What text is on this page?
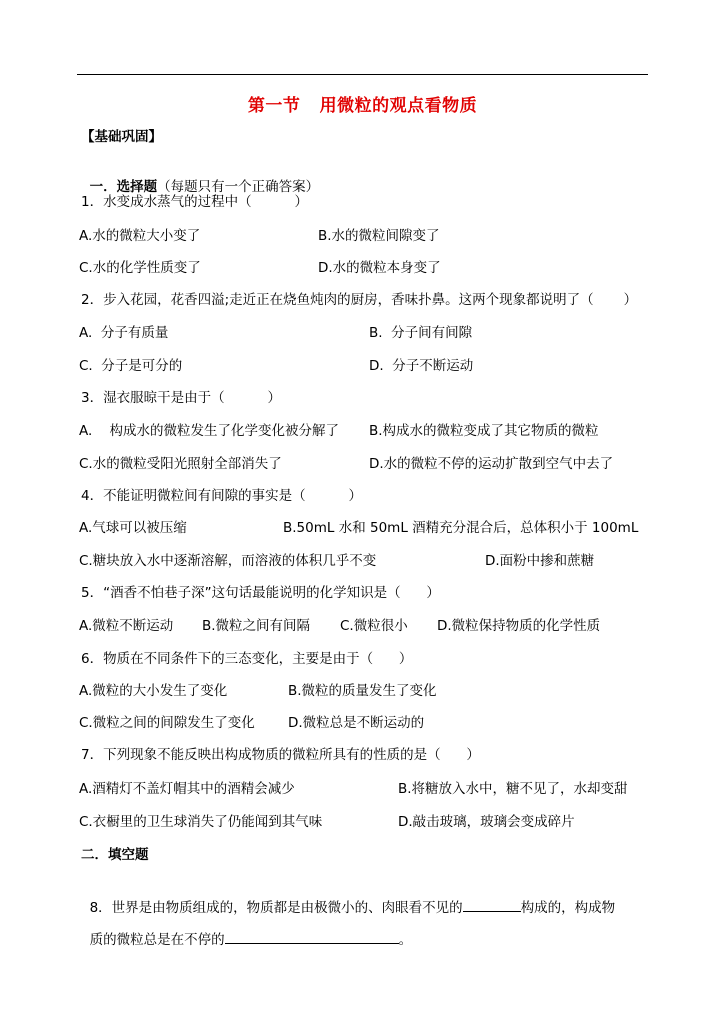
第一节   用微粒的观点看物质
【基础巩固】

一．选择题（每题只有一个正确答案）

1．水变成水蒸气的过程中（          ）
A.水的微粒大小变了	B.水的微粒间隙变了
C.水的化学性质变了	D.水的微粒本身变了
2．步入花园，花香四溢;走近正在烧鱼炖肉的厨房，香味扑鼻。这两个现象都说明了（       ）
A.  分子有质量	B.  分子间有间隙
C.  分子是可分的	D.  分子不断运动
3．湿衣服晾干是由于（          ）
A.    构成水的微粒发生了化学变化被分解了 B.构成水的微粒变成了其它物质的微粒
C.水的微粒受阳光照射全部消失了	D.水的微粒不停的运动扩散到空气中去了
4．不能证明微粒间有间隙的事实是（          ）
A.气球可以被压缩	B.50mL 水和 50mL 酒精充分混合后，总体积小于 100mL
C.糖块放入水中逐渐溶解，而溶液的体积几乎不变	D.面粉中掺和蔗糖
5．“酒香不怕巷子深”这句话最能说明的化学知识是（      ）
A.微粒不断运动 B.微粒之间有间隔 C.微粒很小 D.微粒保持物质的化学性质
6．物质在不同条件下的三态变化，主要是由于（      ）
A.微粒的大小发生了变化	B.微粒的质量发生了变化
C.微粒之间的间隙发生了变化 D.微粒总是不断运动的
7．下列现象不能反映出构成物质的微粒所具有的性质的是（      ）
A.酒精灯不盖灯帽其中的酒精会减少	B.将糖放入水中，糖不见了，水却变甜
C.衣橱里的卫生球消失了仍能闻到其气味	D.敲击玻璃，玻璃会变成碎片
二．填空题

8．世界是由物质组成的，物质都是由极微小的、肉眼看不见的	构成的，构成物

质的微粒总是在不停的	。
